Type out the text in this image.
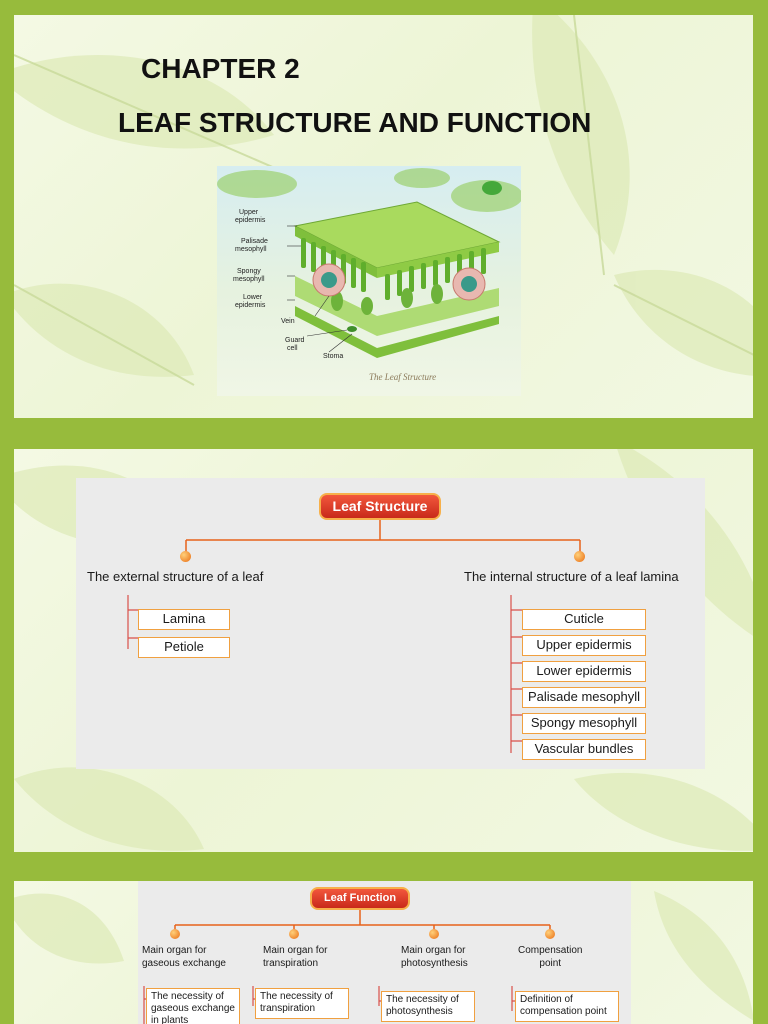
CHAPTER 2
LEAF STRUCTURE AND FUNCTION
Upper
epidermis
Palisade
mesophyll
Spongy
mesophyll
Lower
epidermis
Vein
Guard
cell
Stoma
The Leaf Structure
Leaf Structure
The external structure of a leaf	The internal structure of a leaf lamina
Lamina
Petiole
Cuticle
Upper epidermis
Lower epidermis
Palisade mesophyll
Spongy mesophyll
Vascular bundles
Leaf Function
Main organ for
gaseous exchange
Main organ for
transpiration
Main organ for
photosynthesis
Compensation
point
The necessity of
gaseous exchange
in plants
The necessity of
transpiration
The necessity of
photosynthesis
Definition of
compensation point
